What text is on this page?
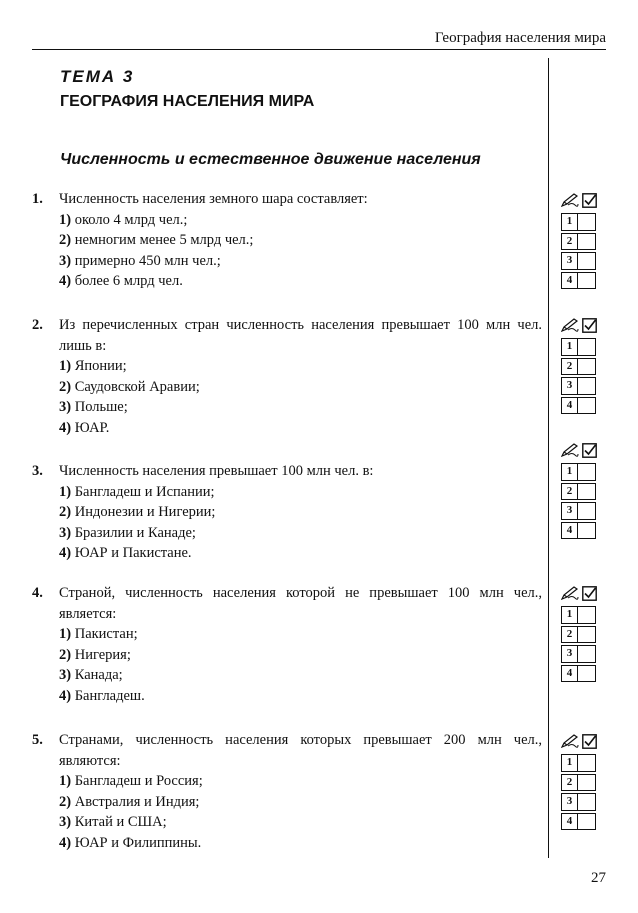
География населения мира
ТЕМА 3
ГЕОГРАФИЯ НАСЕЛЕНИЯ МИРА
Численность и естественное движение населения
1.	Численность населения земного шара составляет:
1) около 4 млрд чел.;
2) немногим менее 5 млрд чел.;
3) примерно 450 млн чел.;
4) более 6 млрд чел.
2.	Из перечисленных стран численность населения превышает 100 млн чел. лишь в:
1) Японии;
2) Саудовской Аравии;
3) Польше;
4) ЮАР.
3.	Численность населения превышает 100 млн чел. в:
1) Бангладеш и Испании;
2) Индонезии и Нигерии;
3) Бразилии и Канаде;
4) ЮАР и Пакистане.
4.	Страной, численность населения которой не превышает 100 млн чел., является:
1) Пакистан;
2) Нигерия;
3) Канада;
4) Бангладеш.
5.	Странами, численность населения которых превышает 200 млн чел., являются:
1) Бангладеш и Россия;
2) Австралия и Индия;
3) Китай и США;
4) ЮАР и Филиппины.
1
2
3
4
1
2
3
4
1
2
3
4
1
2
3
4
1
2
3
4
27
